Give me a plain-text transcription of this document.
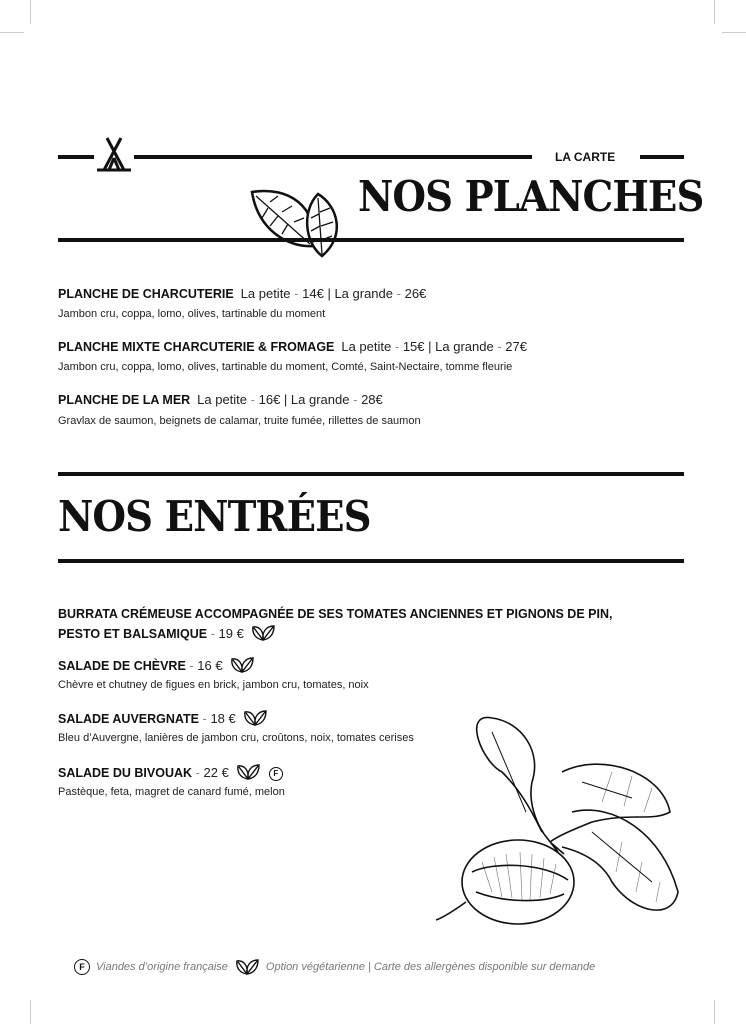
LA CARTE
NOS PLANCHES
PLANCHE DE CHARCUTERIE La petite - 14€ | La grande - 26€
Jambon cru, coppa, lomo, olives, tartinable du moment
PLANCHE MIXTE CHARCUTERIE & FROMAGE La petite - 15€ | La grande - 27€
Jambon cru, coppa, lomo, olives, tartinable du moment, Comté, Saint-Nectaire, tomme fleurie
PLANCHE DE LA MER La petite - 16€ | La grande - 28€
Gravlax de saumon, beignets de calamar, truite fumée, rillettes de saumon
NOS ENTRÉES
BURRATA CRÉMEUSE ACCOMPAGNÉE DE SES TOMATES ANCIENNES ET PIGNONS DE PIN,
PESTO ET BALSAMIQUE - 19 €
SALADE DE CHÈVRE - 16 €
Chèvre et chutney de figues en brick, jambon cru, tomates, noix
SALADE AUVERGNATE - 18 €
Bleu d’Auvergne, lanières de jambon cru, croûtons, noix, tomates cerises
SALADE DU BIVOUAK - 22 €	F
Pastèque, feta, magret de canard fumé, melon
F	Viandes d’origine française	Option végétarienne | Carte des allergènes disponible sur demande
